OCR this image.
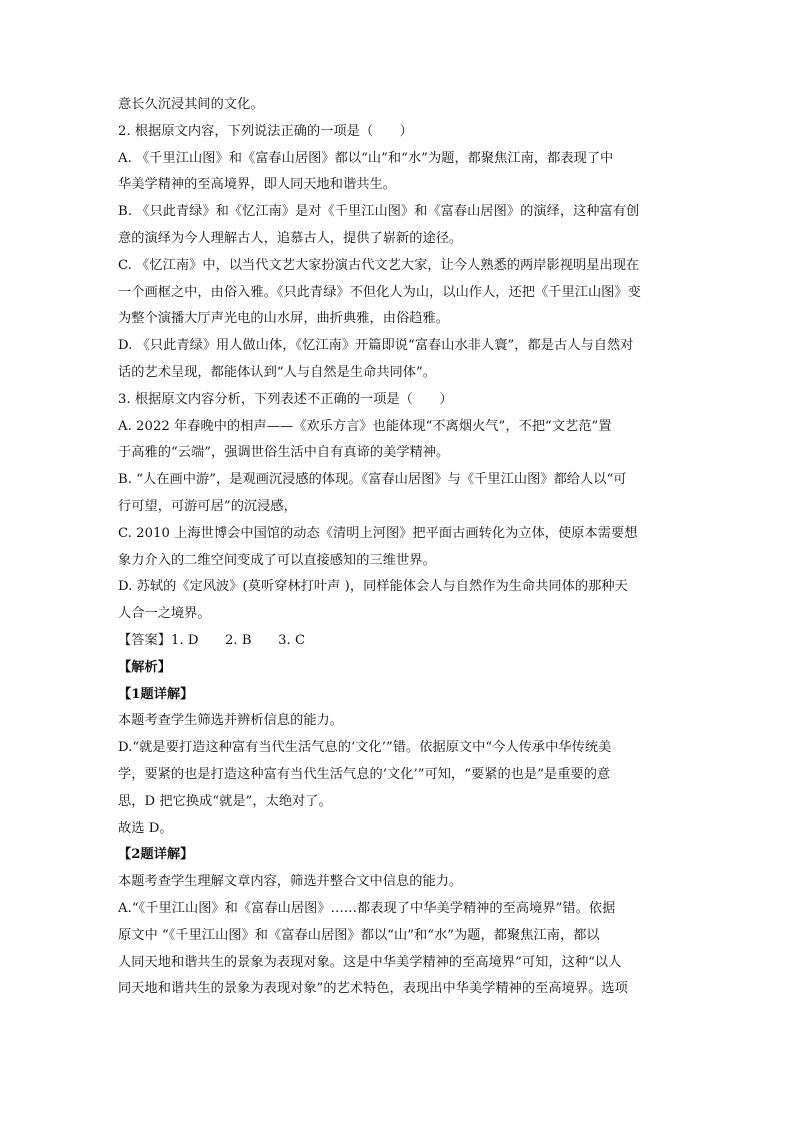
意长久沉浸其间的文化。
2. 根据原文内容，下列说法正确的一项是（　　）
A. 《千里江山图》和《富春山居图》都以“山”和“水”为题，都聚焦江南，都表现了中
华美学精神的至高境界，即人同天地和谐共生。
B. 《只此青绿》和《忆江南》是对《千里江山图》和《富春山居图》的演绎，这种富有创
意的演绎为今人理解古人，追慕古人，提供了崭新的途径。
C. 《忆江南》中，以当代文艺大家扮演古代文艺大家，让今人熟悉的两岸影视明星出现在
一个画框之中，由俗入雅。《只此青绿》不但化人为山，以山作人，还把《千里江山图》变
为整个演播大厅声光电的山水屏，曲折典雅，由俗趋雅。
D. 《只此青绿》用人做山体，《忆江南》开篇即说“富春山水非人寰”，都是古人与自然对
话的艺术呈现，都能体认到“人与自然是生命共同体”。
3. 根据原文内容分析，下列表述不正确的一项是（　　）
A. 2022 年春晚中的相声——《欢乐方言》也能体现“不离烟火气”，不把“文艺范”置
于高雅的“云端”，强调世俗生活中自有真谛的美学精神。
B. “人在画中游”，是观画沉浸感的体现。《富春山居图》与《千里江山图》都给人以“可
行可望，可游可居”的沉浸感，
C. 2010 上海世博会中国馆的动态《清明上河图》把平面古画转化为立体，使原本需要想
象力介入的二维空间变成了可以直接感知的三维世界。
D. 苏轼的《定风波》(莫听穿林打叶声 )，同样能体会人与自然作为生命共同体的那种天
人合一之境界。
【答案】1. D　　2. B　　3. C
【解析】
【1题详解】
本题考查学生筛选并辨析信息的能力。
D.“就是要打造这种富有当代生活气息的‘文化’”错。依据原文中“今人传承中华传统美
学，要紧的也是打造这种富有当代生活气息的‘文化’”可知，“要紧的也是”是重要的意
思，D 把它换成“就是”，太绝对了。
故选 D。
【2题详解】
本题考查学生理解文章内容，筛选并整合文中信息的能力。
A.“《千里江山图》和《富春山居图》……都表现了中华美学精神的至高境界”错。依据
原文中 “《千里江山图》和《富春山居图》都以“山”和“水”为题，都聚焦江南，都以
人同天地和谐共生的景象为表现对象。这是中华美学精神的至高境界”可知，这种“以人
同天地和谐共生的景象为表现对象”的艺术特色，表现出中华美学精神的至高境界。选项
